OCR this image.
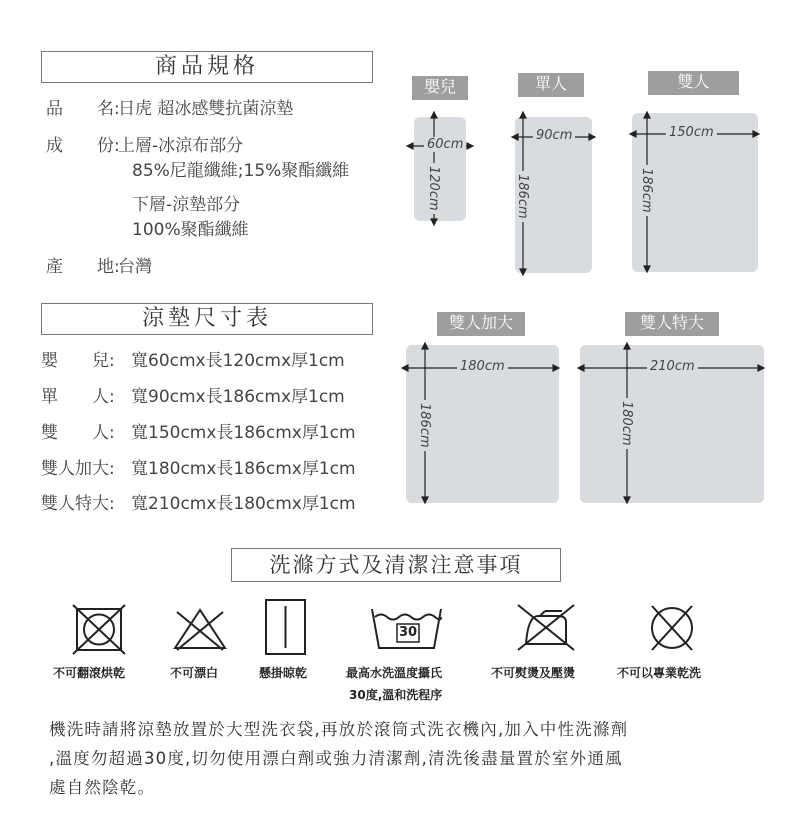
商品規格
品　　名:日虎 超冰感雙抗菌涼墊
成　　份:上層-冰涼布部分
85%尼龍纖維;15%聚酯纖維
下層-涼墊部分
100%聚酯纖維
產　　地:台灣
涼墊尺寸表
嬰　　兒: 寬60cmx長120cmx厚1cm
單　　人: 寬90cmx長186cmx厚1cm
雙　　人: 寬150cmx長186cmx厚1cm
雙人加大: 寬180cmx長186cmx厚1cm
雙人特大: 寬210cmx長180cmx厚1cm
嬰兒
60cm
120cm
單人
90cm
186cm
雙人
150cm
186cm
雙人加大
180cm
186cm
雙人特大
210cm
180cm
洗滌方式及清潔注意事項
30
不可翻滾烘乾	不可漂白	懸掛晾乾	最高水洗溫度攝氏
30度,溫和洗程序
不可熨燙及壓燙	不可以專業乾洗
機洗時請將涼墊放置於大型洗衣袋,再放於滾筒式洗衣機內,加入中性洗滌劑
,溫度勿超過30度,切勿使用漂白劑或強力清潔劑,清洗後盡量置於室外通風
處自然陰乾。
